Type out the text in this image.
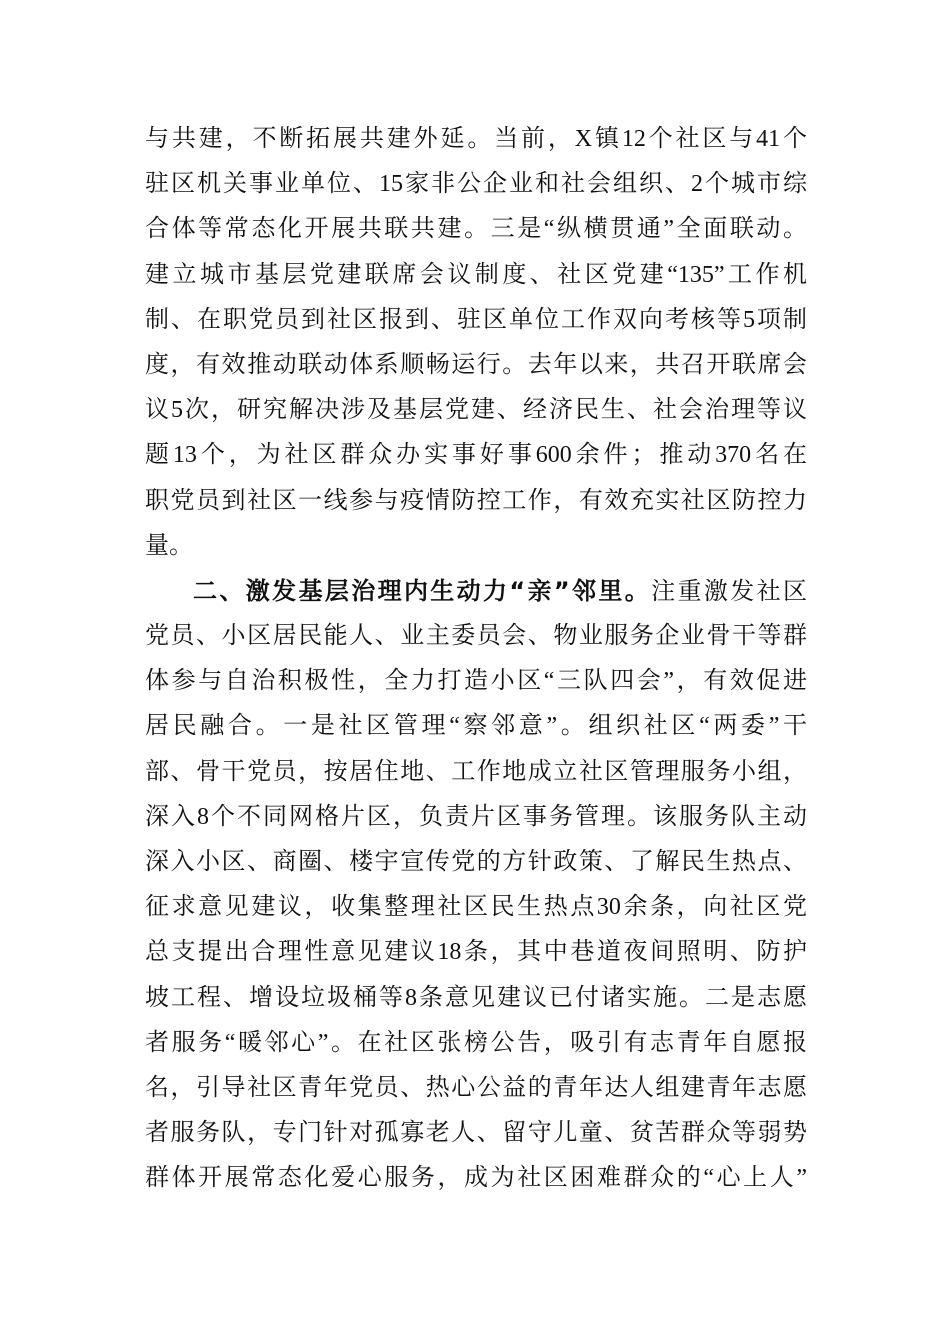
与共建，不断拓展共建外延。当前，X镇12个社区与41个
驻区机关事业单位、15家非公企业和社会组织、2个城市综
合体等常态化开展共联共建。三是“纵横贯通”全面联动。
建立城市基层党建联席会议制度、社区党建“135”工作机
制、在职党员到社区报到、驻区单位工作双向考核等5项制
度，有效推动联动体系顺畅运行。去年以来，共召开联席会
议5次，研究解决涉及基层党建、经济民生、社会治理等议
题13个，为社区群众办实事好事600余件；推动370名在
职党员到社区一线参与疫情防控工作，有效充实社区防控力
量。
二、激发基层治理内生动力“亲”邻里。注重激发社区
党员、小区居民能人、业主委员会、物业服务企业骨干等群
体参与自治积极性，全力打造小区“三队四会”，有效促进
居民融合。一是社区管理“察邻意”。组织社区“两委”干
部、骨干党员，按居住地、工作地成立社区管理服务小组，
深入8个不同网格片区，负责片区事务管理。该服务队主动
深入小区、商圈、楼宇宣传党的方针政策、了解民生热点、
征求意见建议，收集整理社区民生热点30余条，向社区党
总支提出合理性意见建议18条，其中巷道夜间照明、防护
坡工程、增设垃圾桶等8条意见建议已付诸实施。二是志愿
者服务“暖邻心”。在社区张榜公告，吸引有志青年自愿报
名，引导社区青年党员、热心公益的青年达人组建青年志愿
者服务队，专门针对孤寡老人、留守儿童、贫苦群众等弱势
群体开展常态化爱心服务，成为社区困难群众的“心上人”
